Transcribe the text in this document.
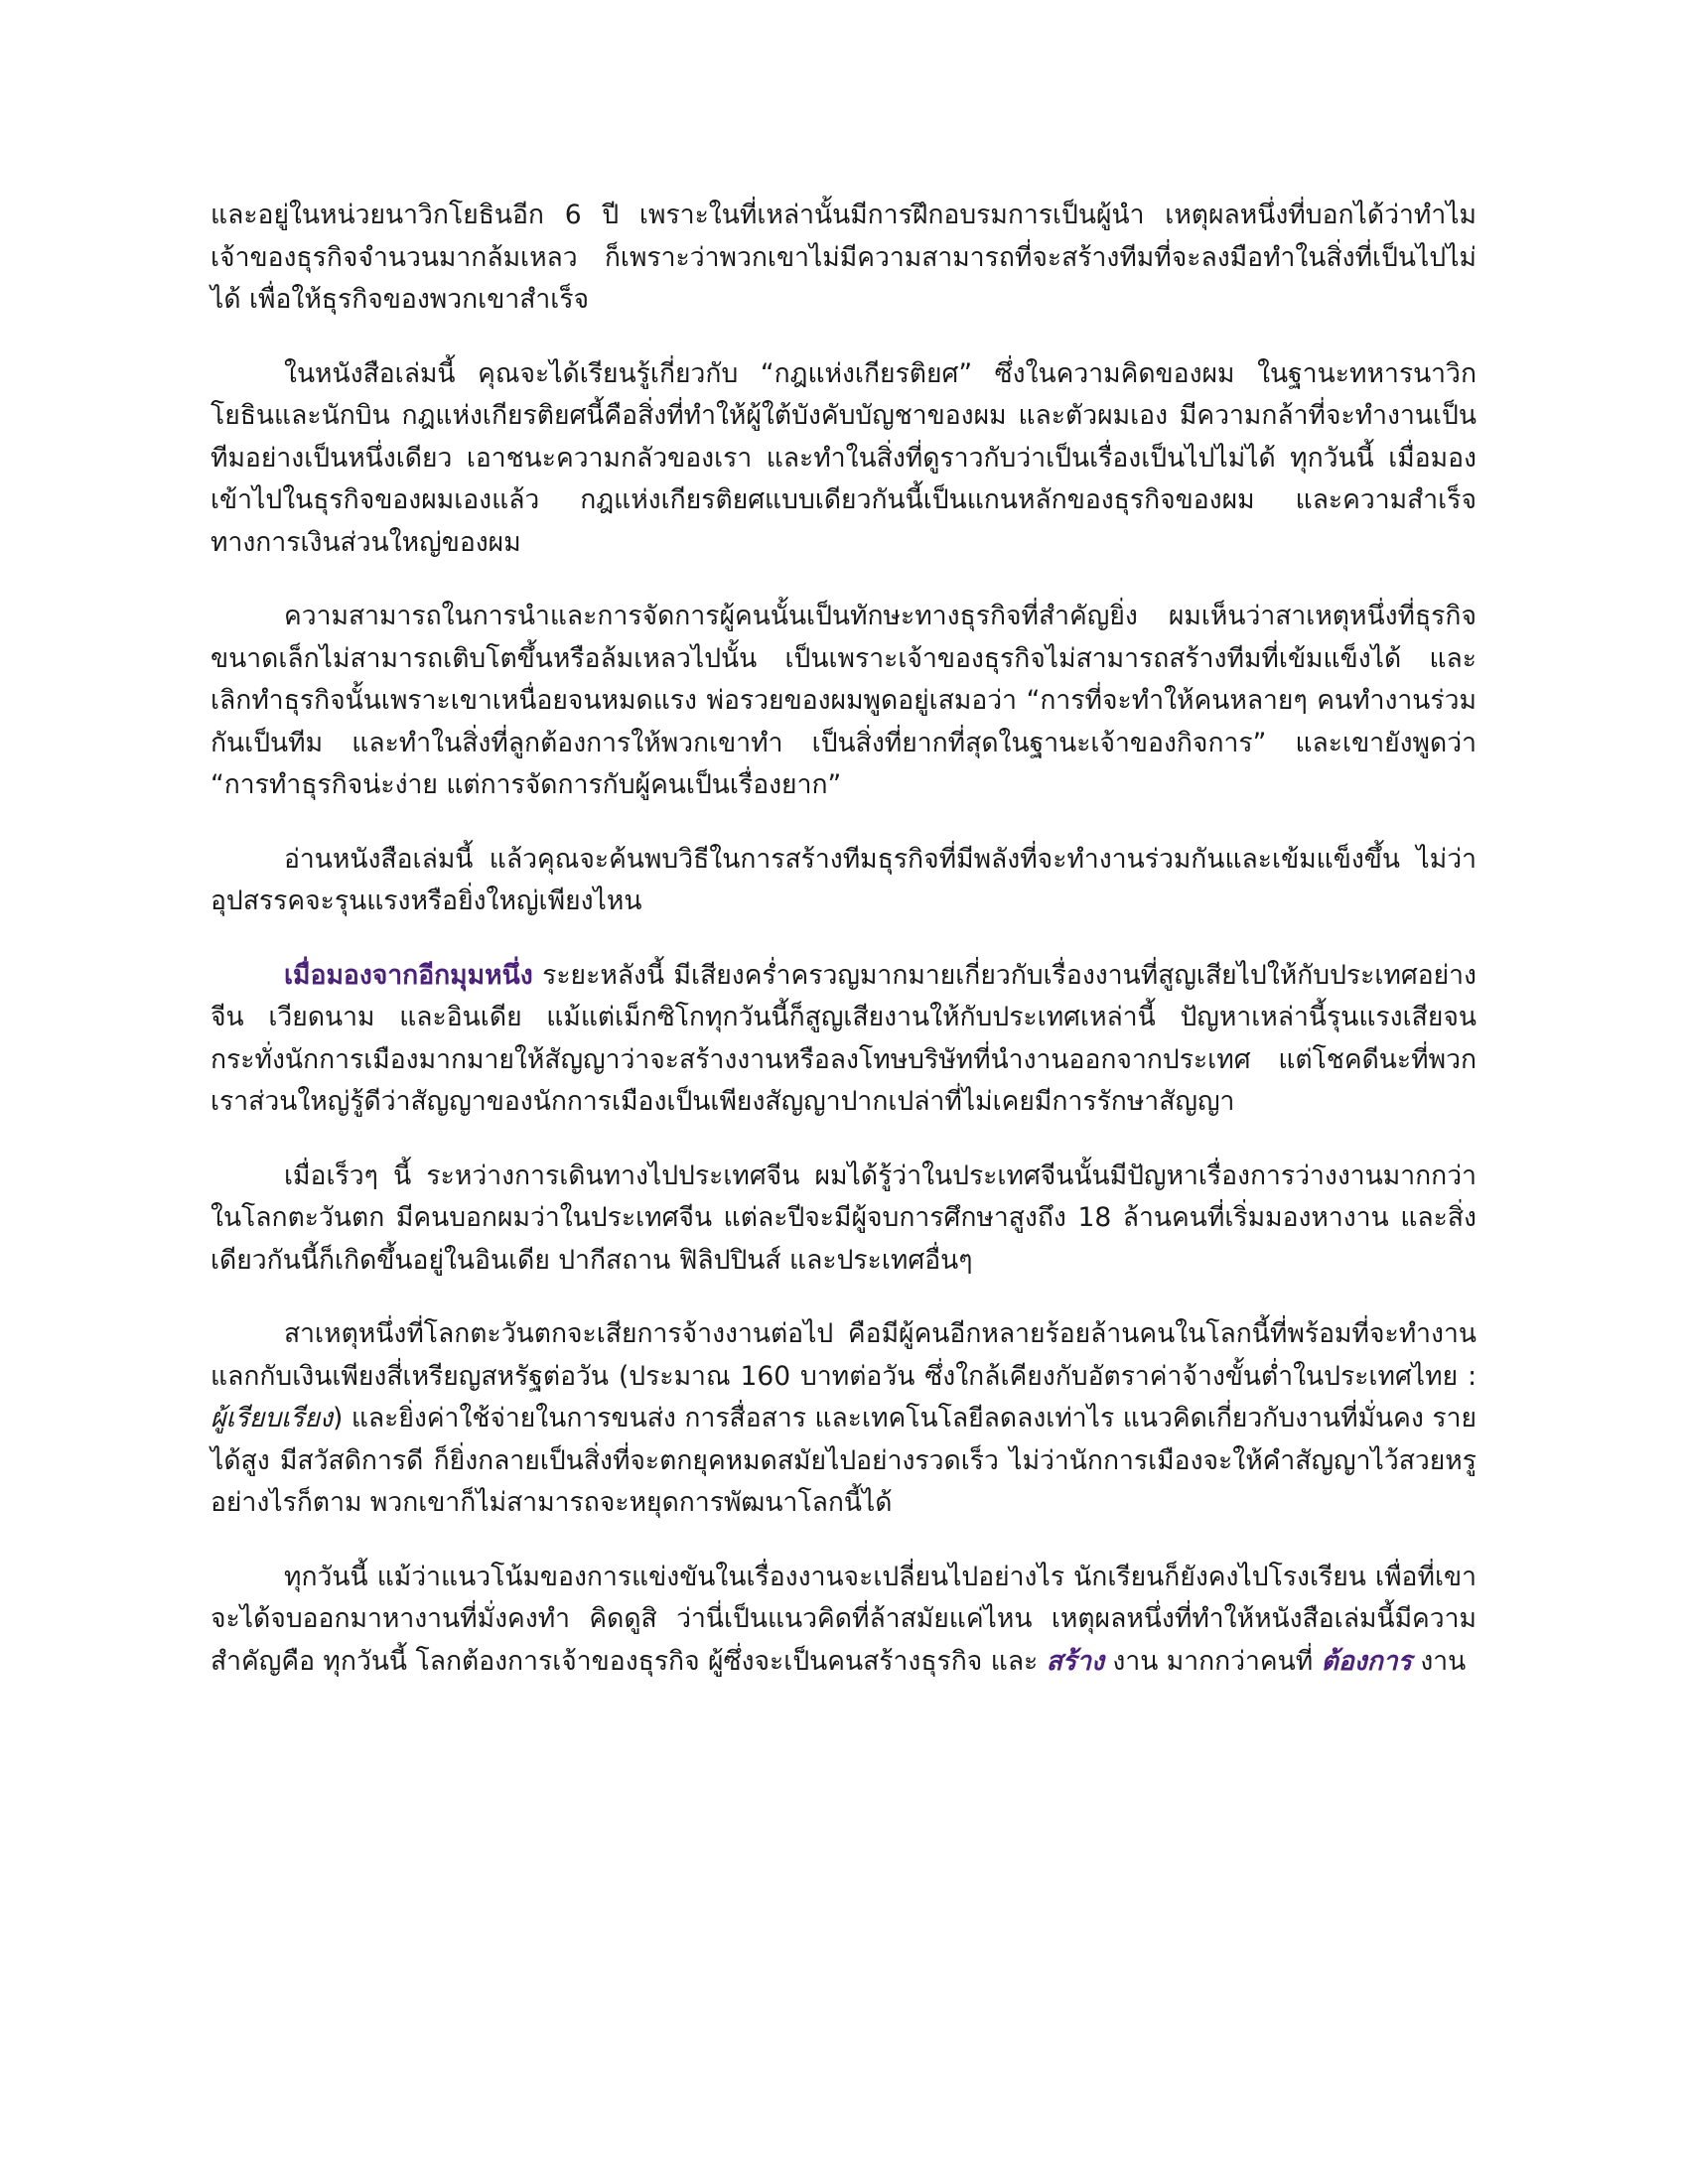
และอยู่ในหน่วยนาวิกโยธินอีก 6 ปี เพราะในที่เหล่านั้นมีการฝึกอบรมการเป็นผู้นำ เหตุผลหนึ่งที่บอกได้ว่าทำไมเจ้าของธุรกิจจำนวนมากล้มเหลว ก็เพราะว่าพวกเขาไม่มีความสามารถที่จะสร้างทีมที่จะลงมือทำในสิ่งที่เป็นไปไม่ได้ เพื่อให้ธุรกิจของพวกเขาสำเร็จ

ในหนังสือเล่มนี้ คุณจะได้เรียนรู้เกี่ยวกับ “กฎแห่งเกียรติยศ” ซึ่งในความคิดของผม ในฐานะทหารนาวิกโยธินและนักบิน กฎแห่งเกียรติยศนี้คือสิ่งที่ทำให้ผู้ใต้บังคับบัญชาของผม และตัวผมเอง มีความกล้าที่จะทำงานเป็นทีมอย่างเป็นหนึ่งเดียว เอาชนะความกลัวของเรา และทำในสิ่งที่ดูราวกับว่าเป็นเรื่องเป็นไปไม่ได้ ทุกวันนี้ เมื่อมองเข้าไปในธุรกิจของผมเองแล้ว กฎแห่งเกียรติยศแบบเดียวกันนี้เป็นแกนหลักของธุรกิจของผม และความสำเร็จทางการเงินส่วนใหญ่ของผม

ความสามารถในการนำและการจัดการผู้คนนั้นเป็นทักษะทางธุรกิจที่สำคัญยิ่ง ผมเห็นว่าสาเหตุหนึ่งที่ธุรกิจขนาดเล็กไม่สามารถเติบโตขึ้นหรือล้มเหลวไปนั้น เป็นเพราะเจ้าของธุรกิจไม่สามารถสร้างทีมที่เข้มแข็งได้ และเลิกทำธุรกิจนั้นเพราะเขาเหนื่อยจนหมดแรง พ่อรวยของผมพูดอยู่เสมอว่า “การที่จะทำให้คนหลายๆ คนทำงานร่วมกันเป็นทีม และทำในสิ่งที่ลูกต้องการให้พวกเขาทำ เป็นสิ่งที่ยากที่สุดในฐานะเจ้าของกิจการ” และเขายังพูดว่า “การทำธุรกิจน่ะง่าย แต่การจัดการกับผู้คนเป็นเรื่องยาก”

อ่านหนังสือเล่มนี้ แล้วคุณจะค้นพบวิธีในการสร้างทีมธุรกิจที่มีพลังที่จะทำงานร่วมกันและเข้มแข็งขึ้น ไม่ว่าอุปสรรคจะรุนแรงหรือยิ่งใหญ่เพียงไหน

เมื่อมองจากอีกมุมหนึ่ง ระยะหลังนี้ มีเสียงคร่ำครวญมากมายเกี่ยวกับเรื่องงานที่สูญเสียไปให้กับประเทศอย่างจีน เวียดนาม และอินเดีย แม้แต่เม็กซิโกทุกวันนี้ก็สูญเสียงานให้กับประเทศเหล่านี้ ปัญหาเหล่านี้รุนแรงเสียจนกระทั่งนักการเมืองมากมายให้สัญญาว่าจะสร้างงานหรือลงโทษบริษัทที่นำงานออกจากประเทศ แต่โชคดีนะที่พวกเราส่วนใหญ่รู้ดีว่าสัญญาของนักการเมืองเป็นเพียงสัญญาปากเปล่าที่ไม่เคยมีการรักษาสัญญา

เมื่อเร็วๆ นี้ ระหว่างการเดินทางไปประเทศจีน ผมได้รู้ว่าในประเทศจีนนั้นมีปัญหาเรื่องการว่างงานมากกว่าในโลกตะวันตก มีคนบอกผมว่าในประเทศจีน แต่ละปีจะมีผู้จบการศึกษาสูงถึง 18 ล้านคนที่เริ่มมองหางาน และสิ่งเดียวกันนี้ก็เกิดขึ้นอยู่ในอินเดีย ปากีสถาน ฟิลิปปินส์ และประเทศอื่นๆ

สาเหตุหนึ่งที่โลกตะวันตกจะเสียการจ้างงานต่อไป คือมีผู้คนอีกหลายร้อยล้านคนในโลกนี้ที่พร้อมที่จะทำงานแลกกับเงินเพียงสี่เหรียญสหรัฐต่อวัน (ประมาณ 160 บาทต่อวัน ซึ่งใกล้เคียงกับอัตราค่าจ้างขั้นต่ำในประเทศไทย : ผู้เรียบเรียง) และยิ่งค่าใช้จ่ายในการขนส่ง การสื่อสาร และเทคโนโลยีลดลงเท่าไร แนวคิดเกี่ยวกับงานที่มั่นคง รายได้สูง มีสวัสดิการดี ก็ยิ่งกลายเป็นสิ่งที่จะตกยุคหมดสมัยไปอย่างรวดเร็ว ไม่ว่านักการเมืองจะให้คำสัญญาไว้สวยหรูอย่างไรก็ตาม พวกเขาก็ไม่สามารถจะหยุดการพัฒนาโลกนี้ได้

ทุกวันนี้ แม้ว่าแนวโน้มของการแข่งขันในเรื่องงานจะเปลี่ยนไปอย่างไร นักเรียนก็ยังคงไปโรงเรียน เพื่อที่เขาจะได้จบออกมาหางานที่มั่งคงทำ คิดดูสิ ว่านี่เป็นแนวคิดที่ล้าสมัยแค่ไหน เหตุผลหนึ่งที่ทำให้หนังสือเล่มนี้มีความสำคัญคือ ทุกวันนี้ โลกต้องการเจ้าของธุรกิจ ผู้ซึ่งจะเป็นคนสร้างธุรกิจ และ สร้าง งาน มากกว่าคนที่ ต้องการ งาน
